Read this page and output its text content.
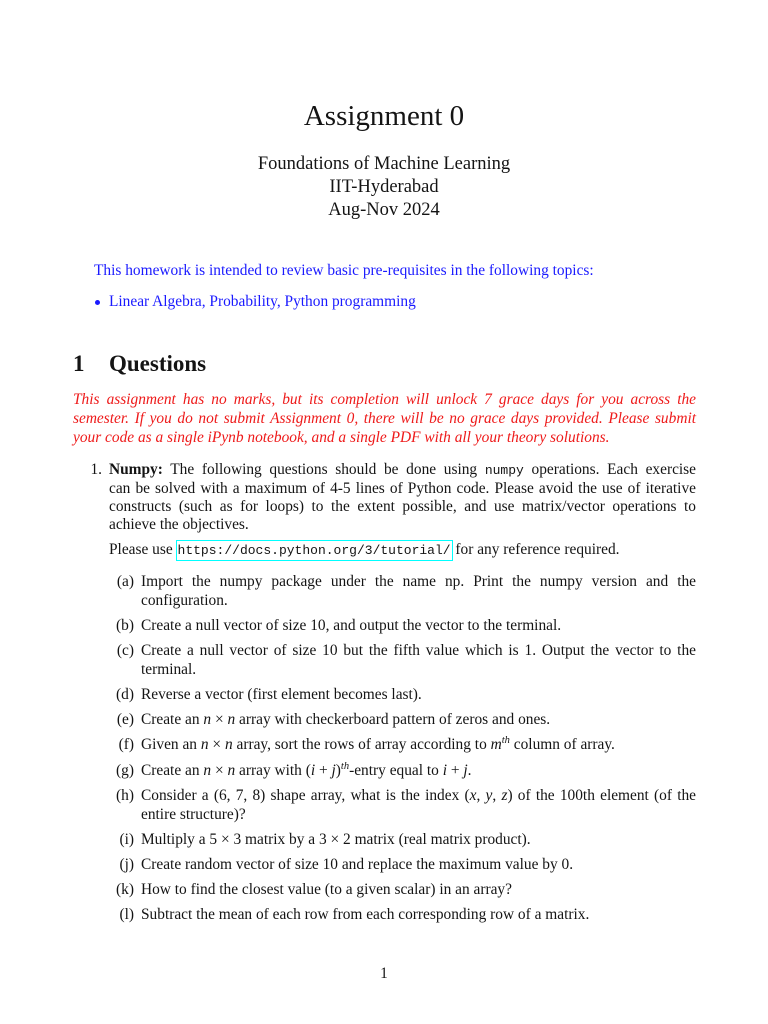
Assignment 0
Foundations of Machine Learning
IIT-Hyderabad
Aug-Nov 2024
This homework is intended to review basic pre-requisites in the following topics:
Linear Algebra, Probability, Python programming
1 Questions
This assignment has no marks, but its completion will unlock 7 grace days for you across the
semester. If you do not submit Assignment 0, there will be no grace days provided. Please submit
your code as a single iPynb notebook, and a single PDF with all your theory solutions.
1. Numpy: The following questions should be done using numpy operations. Each exercise
can be solved with a maximum of 4-5 lines of Python code. Please avoid the use of iterative
constructs (such as for loops) to the extent possible, and use matrix/vector operations to
achieve the objectives.
Please use https://docs.python.org/3/tutorial/ for any reference required.
(a) Import the numpy package under the name np. Print the numpy version and the
configuration.
(b) Create a null vector of size 10, and output the vector to the terminal.
(c) Create a null vector of size 10 but the fifth value which is 1. Output the vector to the
terminal.
(d) Reverse a vector (first element becomes last).
(e) Create an n × n array with checkerboard pattern of zeros and ones.
(f) Given an n × n array, sort the rows of array according to $m^{th}$ column of array.
(g) Create an n × n array with $(i + j)^{th}$-entry equal to i + j.
(h) Consider a (6, 7, 8) shape array, what is the index (x, y, z) of the 100th element (of the
entire structure)?
(i) Multiply a 5 × 3 matrix by a 3 × 2 matrix (real matrix product).
(j) Create random vector of size 10 and replace the maximum value by 0.
(k) How to find the closest value (to a given scalar) in an array?
(l) Subtract the mean of each row from each corresponding row of a matrix.
1
